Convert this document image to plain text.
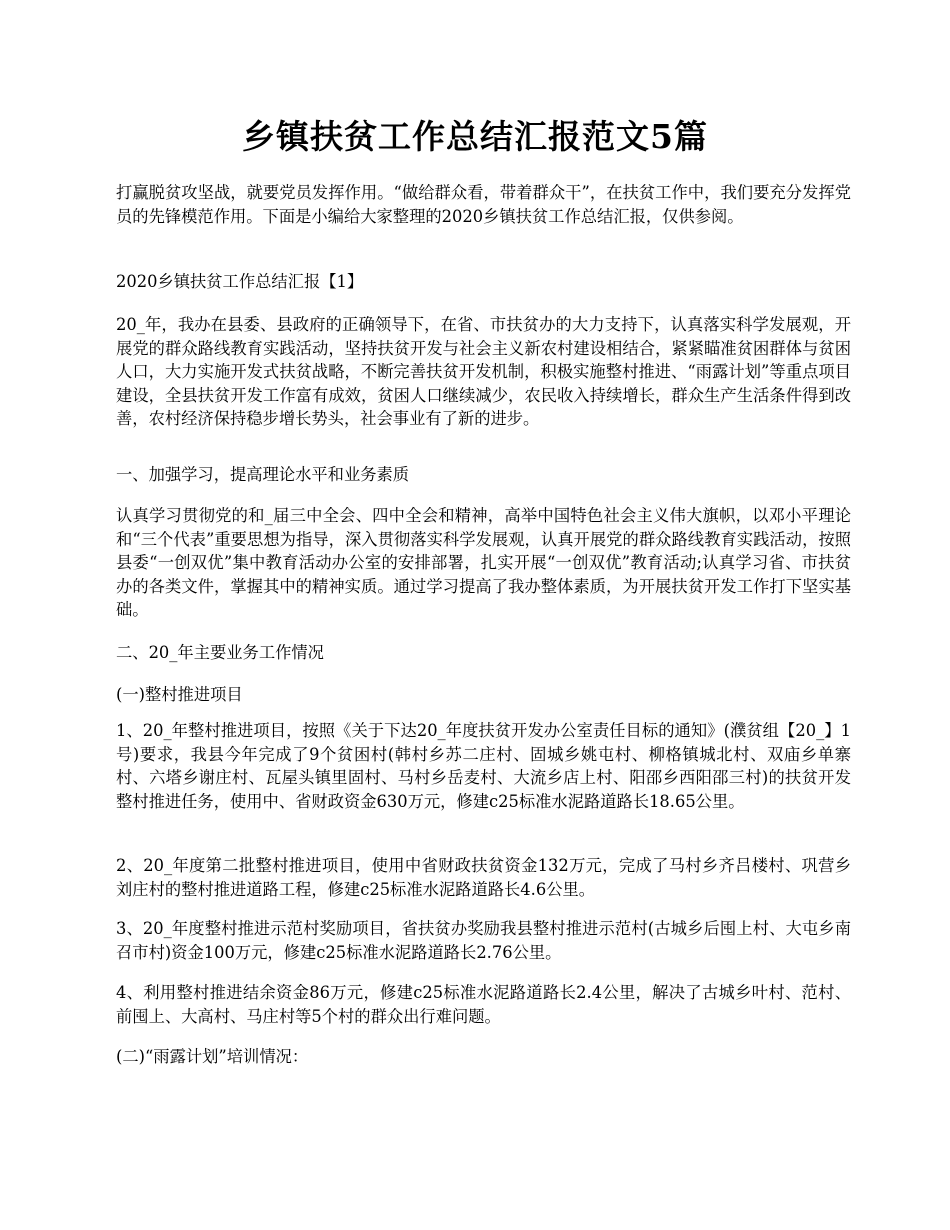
乡镇扶贫工作总结汇报范文5篇

打赢脱贫攻坚战，就要党员发挥作用。“做给群众看，带着群众干”，在扶贫工作中，我们要充分发挥党员的先锋模范作用。下面是小编给大家整理的2020乡镇扶贫工作总结汇报，仅供参阅。

2020乡镇扶贫工作总结汇报【1】

20_年，我办在县委、县政府的正确领导下，在省、市扶贫办的大力支持下，认真落实科学发展观，开展党的群众路线教育实践活动，坚持扶贫开发与社会主义新农村建设相结合，紧紧瞄准贫困群体与贫困人口，大力实施开发式扶贫战略，不断完善扶贫开发机制，积极实施整村推进、“雨露计划”等重点项目建设，全县扶贫开发工作富有成效，贫困人口继续减少，农民收入持续增长，群众生产生活条件得到改善，农村经济保持稳步增长势头，社会事业有了新的进步。

一、加强学习，提高理论水平和业务素质

认真学习贯彻党的和_届三中全会、四中全会和精神，高举中国特色社会主义伟大旗帜，以邓小平理论和“三个代表”重要思想为指导，深入贯彻落实科学发展观，认真开展党的群众路线教育实践活动，按照县委“一创双优”集中教育活动办公室的安排部署，扎实开展“一创双优”教育活动;认真学习省、市扶贫办的各类文件，掌握其中的精神实质。通过学习提高了我办整体素质，为开展扶贫开发工作打下坚实基础。

二、20_年主要业务工作情况

(一)整村推进项目

1、20_年整村推进项目，按照《关于下达20_年度扶贫开发办公室责任目标的通知》(濮贫组【20_】1号)要求，我县今年完成了9个贫困村(韩村乡苏二庄村、固城乡姚屯村、柳格镇城北村、双庙乡单寨村、六塔乡谢庄村、瓦屋头镇里固村、马村乡岳麦村、大流乡店上村、阳邵乡西阳邵三村)的扶贫开发整村推进任务，使用中、省财政资金630万元，修建c25标准水泥路道路长18.65公里。

2、20_年度第二批整村推进项目，使用中省财政扶贫资金132万元，完成了马村乡齐吕楼村、巩营乡刘庄村的整村推进道路工程，修建c25标准水泥路道路长4.6公里。

3、20_年度整村推进示范村奖励项目，省扶贫办奖励我县整村推进示范村(古城乡后囤上村、大屯乡南召市村)资金100万元，修建c25标准水泥路道路长2.76公里。

4、利用整村推进结余资金86万元，修建c25标准水泥路道路长2.4公里，解决了古城乡叶村、范村、前囤上、大高村、马庄村等5个村的群众出行难问题。

(二)“雨露计划”培训情况：
